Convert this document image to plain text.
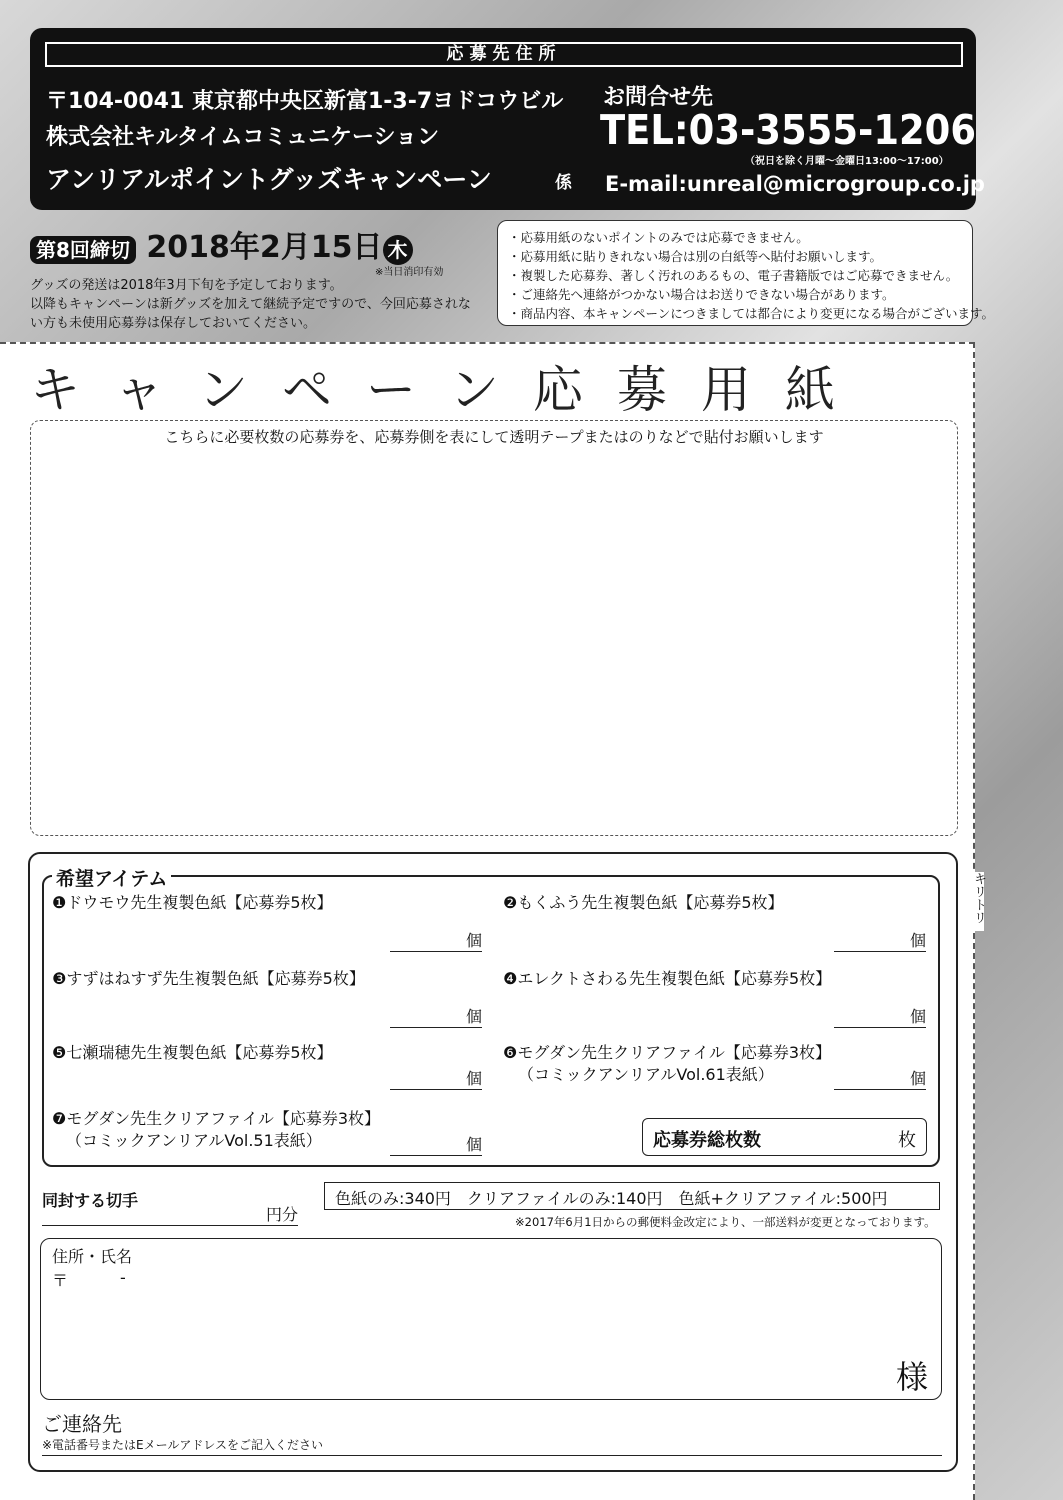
応募先住所
〒104-0041 東京都中央区新富1-3-7ヨドコウビル
株式会社キルタイムコミュニケーション
アンリアルポイントグッズキャンペーン	係
お問合せ先
TEL:03-3555-1206
（祝日を除く月曜～金曜日13:00～17:00）
E-mail:unreal@microgroup.co.jp
第8回締切 2018年2月15日 木
※当日消印有効
グッズの発送は2018年3月下旬を予定しております。
以降もキャンペーンは新グッズを加えて継続予定ですので、今回応募されな
い方も未使用応募券は保存しておいてください。
・応募用紙のないポイントのみでは応募できません。
・応募用紙に貼りきれない場合は別の白紙等へ貼付お願いします。
・複製した応募券、著しく汚れのあるもの、電子書籍版ではご応募できません。
・ご連絡先へ連絡がつかない場合はお送りできない場合があります。
・商品内容、本キャンペーンにつきましては都合により変更になる場合がございます。
キリトリ
キャンペーン応募用紙
こちらに必要枚数の応募券を、応募券側を表にして透明テープまたはのりなどで貼付お願いします
希望アイテム
❶ドウモウ先生複製色紙【応募券5枚】
個
❷もくふう先生複製色紙【応募券5枚】
個
❸すずはねすず先生複製色紙【応募券5枚】
個
❹エレクトさわる先生複製色紙【応募券5枚】
個
❺七瀬瑞穂先生複製色紙【応募券5枚】
個
❻モグダン先生クリアファイル【応募券3枚】
（コミックアンリアルVol.61表紙）	個
❼モグダン先生クリアファイル【応募券3枚】
（コミックアンリアルVol.51表紙）	個	応募券総枚数	枚
同封する切手
円分
色紙のみ:340円　クリアファイルのみ:140円　色紙+クリアファイル:500円
※2017年6月1日からの郵便料金改定により、一部送料が変更となっております。
住所・氏名
〒	-
様
ご連絡先
※電話番号またはEメールアドレスをご記入ください
